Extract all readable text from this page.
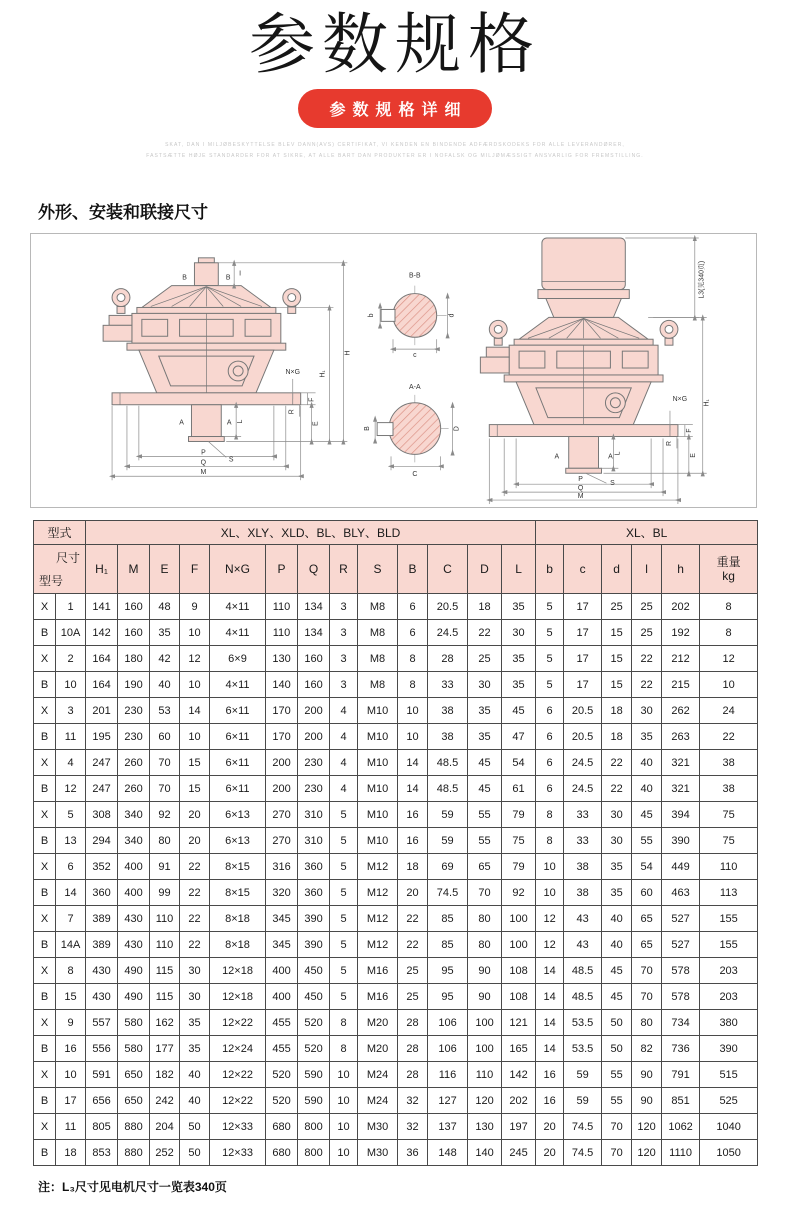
参数规格
参数规格详细
SKAT, DAN I MILJØBESKYTTELSE BLEV DANN(AVS) CERTIFIKAT, VI KENDEN EN BINDENDE ADFÆRDSKODEKS FOR ALLE LEVERANDØRER,
FASTSÆTTE HØJE STANDARDER FOR AT SIKRE, AT ALLE BART DAN PRODUKTER ER I NOFALSK OG MILJØMÆSSIGT ANSVARLIG FOR FREMSTILLING.
外形、安装和联接尺寸
B	B
I
N×G
F
R
E
H₁
H
A	A L
S
P
Q
M
B-B
b	d
c
A-A
B	D
C
L3(见340页)
N×G
F
R
E
H₁
A	A L
S
P
Q
M
型式		XL、XLY、XLD、BL、BLY、BLD													XL、BL					

尺寸
型号
	H₁	M	E	F	N×G	P	Q	R	S	B	C	D	L	b	c	d	l	h	重量
kg

X	1	141	160	48	9	4×11	110	134	3	M8	6	20.5	18	35	5	17	25	25	202	8
B	10A	142	160	35	10	4×11	110	134	3	M8	6	24.5	22	30	5	17	15	25	192	8
X	2	164	180	42	12	6×9	130	160	3	M8	8	28	25	35	5	17	15	22	212	12
B	10	164	190	40	10	4×11	140	160	3	M8	8	33	30	35	5	17	15	22	215	10
X	3	201	230	53	14	6×11	170	200	4	M10	10	38	35	45	6	20.5	18	30	262	24
B	11	195	230	60	10	6×11	170	200	4	M10	10	38	35	47	6	20.5	18	35	263	22
X	4	247	260	70	15	6×11	200	230	4	M10	14	48.5	45	54	6	24.5	22	40	321	38
B	12	247	260	70	15	6×11	200	230	4	M10	14	48.5	45	61	6	24.5	22	40	321	38
X	5	308	340	92	20	6×13	270	310	5	M10	16	59	55	79	8	33	30	45	394	75
B	13	294	340	80	20	6×13	270	310	5	M10	16	59	55	75	8	33	30	55	390	75
X	6	352	400	91	22	8×15	316	360	5	M12	18	69	65	79	10	38	35	54	449	110
B	14	360	400	99	22	8×15	320	360	5	M12	20	74.5	70	92	10	38	35	60	463	113
X	7	389	430	110	22	8×18	345	390	5	M12	22	85	80	100	12	43	40	65	527	155
B	14A	389	430	110	22	8×18	345	390	5	M12	22	85	80	100	12	43	40	65	527	155
X	8	430	490	115	30	12×18	400	450	5	M16	25	95	90	108	14	48.5	45	70	578	203
B	15	430	490	115	30	12×18	400	450	5	M16	25	95	90	108	14	48.5	45	70	578	203
X	9	557	580	162	35	12×22	455	520	8	M20	28	106	100	121	14	53.5	50	80	734	380
B	16	556	580	177	35	12×24	455	520	8	M20	28	106	100	165	14	53.5	50	82	736	390
X	10	591	650	182	40	12×22	520	590	10	M24	28	116	110	142	16	59	55	90	791	515
B	17	656	650	242	40	12×22	520	590	10	M24	32	127	120	202	16	59	55	90	851	525
X	11	805	880	204	50	12×33	680	800	10	M30	32	137	130	197	20	74.5	70	120	1062	1040
B	18	853	880	252	50	12×33	680	800	10	M30	36	148	140	245	20	74.5	70	120	1110	1050
注：L₃尺寸见电机尺寸一览表340页
